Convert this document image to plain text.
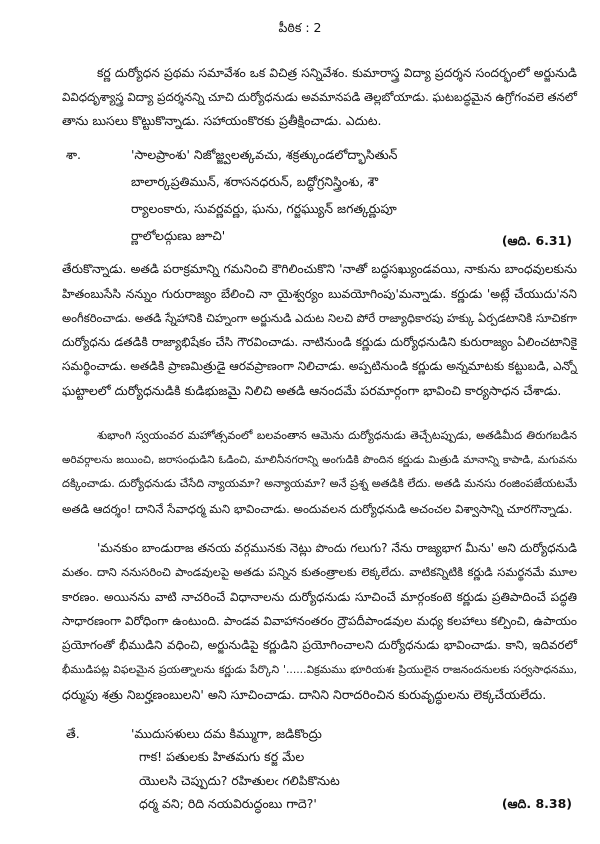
పీఠిక : 2
కర్ణ దుర్యోధన ప్రథమ సమావేశం ఒక విచిత్ర సన్నివేశం. కుమారాస్త్ర విద్యా ప్రదర్శన సందర్భంలో అర్జునుడి
వివిధదృశ్యాస్త్ర విద్యా ప్రదర్శనన్ని చూచి దుర్యోధనుడు అవమానపడి తెల్లబోయాడు. ఘటబద్ధమైన ఉగ్రోగంవలె తనలో
తాను బుసలు కొట్టుకొన్నాడు. సహాయంకొరకు ప్రతీక్షించాడు. ఎదుట.
శా.	'సాలప్రాంశు' నిజోజ్జ్వలత్కవచు, శక్రత్కుండలోద్భాసితున్
బాలార్కప్రతిమున్, శరాసనధరున్, బద్ధోగ్రనిస్త్రింశు, శౌ
ర్యాలంకారు, సువర్ణవర్ణు, ఘను, గర్జఘ్యున్ జగత్కర్ణుపూ
ర్ణాలోలద్గుణు జూచి'	(ఆది. 6.31)
తేరుకొన్నాడు. అతడి పరాక్రమాన్ని గమనించి కౌగిలించుకొని 'నాతో బద్ధసఖ్యుండవయి, నాకును బాంధవులకును
హితంబుసేసి నన్నుం గురురాజ్యం బేలించి నా యైశ్వర్యం బువయోగింపు'మన్నాడు. కర్ణుడు 'అట్లే చేయుదు'నని
అంగీకరించాడు. అతడి స్నేహానికి చిహ్నంగా అర్జునుడి ఎదుట నిలచి పోరే రాజ్యాధికారపు హక్కు ఏర్పడటానికి సూచికగా
దుర్యోధను డతడికి రాజ్యాభిషేకం చేసి గౌరవించాడు. నాటినుండి కర్ణుడు దుర్యోధనుడిని కురురాజ్యం ఏలించటానికై
సమర్థించాడు. అతడికి ప్రాణమిత్రుడై ఆరవప్రాణంగా నిలిచాడు. అప్పటినుండి కర్ణుడు అన్నమాటకు కట్టుబడి, ఎన్నో
ఘట్టాలలో దుర్యోధనుడికి కుడిభుజమై నిలిచి అతడి ఆనందమే పరమార్గంగా భావించి కార్యసాధన చేశాడు.
శుభాంగి స్వయంవర మహోత్సవంలో బలవంతాన ఆమెను దుర్యోధనుడు తెచ్చేటప్పుడు, అతడిమీద తిరుగబడిన
అరివర్గాలను జయించి, జరాసంధుడిని ఓడించి, మాలినీనగరాన్ని అంగుడికి పొందిన కర్ణుడు మిత్రుడి మానాన్ని కాపాడి, మగువను
దక్కించాడు. దుర్యోధనుడు చేసేది న్యాయమా? అన్యాయమా? అనే ప్రశ్న అతడికి లేదు. అతడి మనసు రంజింపజేయటమే
అతడి ఆదర్శం! దానినే సేవాధర్మ మని భావించాడు. అందువలన దుర్యోధనుడి అచంచల విశ్వాసాన్ని చూరగొన్నాడు.
'మనకుం బాండురాజ తనయ వర్గమునకు నెట్లు పొందు గలుగు? నేను రాజ్యభాగ మీను' అని దుర్యోధనుడి
మతం. దాని ననుసరించి పాండవులపై అతడు పన్నిన కుతంత్రాలకు లెక్కలేదు. వాటికన్నిటికి కర్ణుడి సమర్థనమే మూల
కారణం. అయినను వాటి నాచరించే విధానాలను దుర్యోధనుడు సూచించే మార్గంకంటె కర్ణుడు ప్రతిపాదించే పద్ధతి
సాధారణంగా విరోధింగా ఉంటుంది. పాండవ వివాహానంతరం ద్రౌపదీపాండవుల మధ్య కలహాలు కల్పించి, ఉపాయం
ప్రయోగంతో భీముడిని వధించి, అర్జునుడిపై కర్ణుడిని ప్రయోగించాలని దుర్యోధనుడు భావించాడు. కాని, ఇదివరలో
భీముడిపట్ల విఫలమైన ప్రయత్నాలను కర్ణుడు పేర్కొని '......విక్రమము భూరియశః ప్రియులైన రాజనందనులకు సర్వసాధనము,
ధర్ముపు శత్రు నిబర్హణంబులని' అని సూచించాడు. దానిని నిరాదరించిన కురువృద్ధులను లెక్కచేయలేదు.
తే.	'ముదుసళులు దమ కిమ్ముగా, జడికొంద్రు
గాక! పతులకు హితమగు కర్జ మేల
యొలసి చెప్పుదు? రహితులఁ గలిపికొనుట
ధర్మ వని; రిది నయవిరుద్ధంబు గాదె?'	(ఆది. 8.38)
